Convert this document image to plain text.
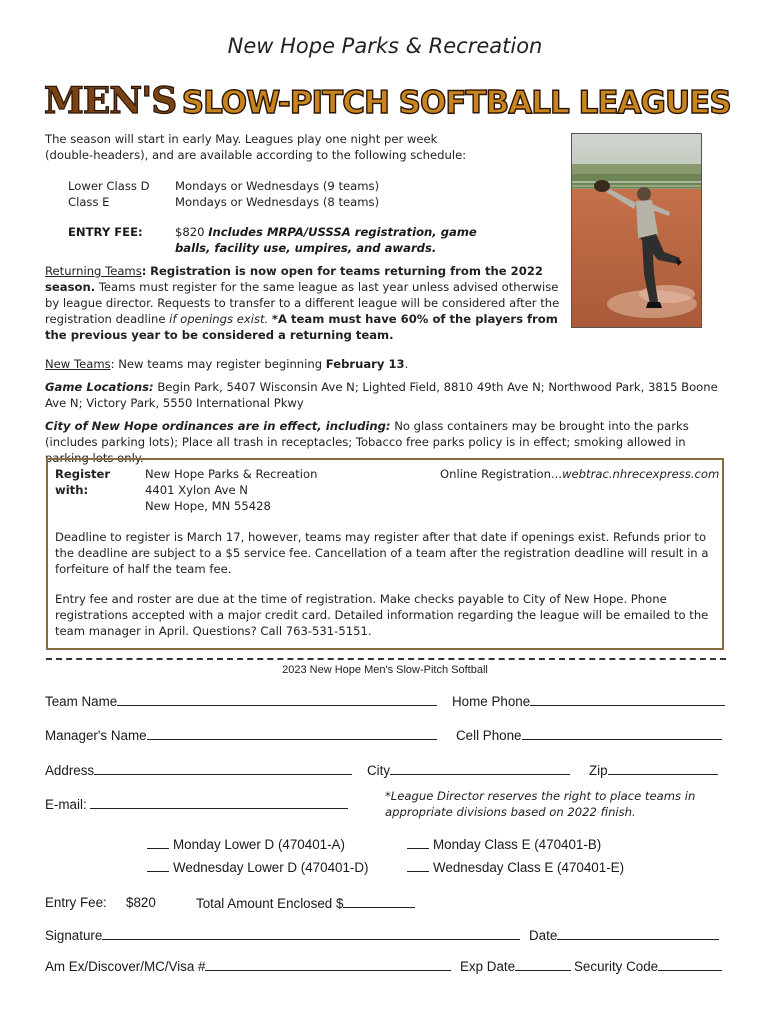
New Hope Parks & Recreation
MEN'S SLOW-PITCH SOFTBALL LEAGUES
The season will start in early May. Leagues play one night per week
(double-headers), and are available according to the following schedule:
Lower Class D	Mondays or Wednesdays (9 teams)
Class E	Mondays or Wednesdays (8 teams)
ENTRY FEE:	$820 Includes MRPA/USSSA registration, game balls, facility use, umpires, and awards.
Returning Teams: Registration is now open for teams returning from the 2022 season. Teams must register for the same league as last year unless advised otherwise by league director. Requests to transfer to a different league will be considered after the registration deadline if openings exist. *A team must have 60% of the players from the previous year to be considered a returning team.
New Teams: New teams may register beginning February 13.
Game Locations: Begin Park, 5407 Wisconsin Ave N; Lighted Field, 8810 49th Ave N; Northwood Park, 3815 Boone Ave N; Victory Park, 5550 International Pkwy
City of New Hope ordinances are in effect, including: No glass containers may be brought into the parks (includes parking lots); Place all trash in receptacles; Tobacco free parks policy is in effect; smoking allowed in parking lots only.
Register with:
New Hope Parks & Recreation
4401 Xylon Ave N
New Hope, MN 55428
Online Registration...webtrac.nhrecexpress.com
Deadline to register is March 17, however, teams may register after that date if openings exist. Refunds prior to the deadline are subject to a $5 service fee. Cancellation of a team after the registration deadline will result in a forfeiture of half the team fee.
Entry fee and roster are due at the time of registration. Make checks payable to City of New Hope. Phone registrations accepted with a major credit card. Detailed information regarding the league will be emailed to the team manager in April. Questions? Call 763-531-5151.
2023 New Hope Men's Slow-Pitch Softball
Team Name	Home Phone
Manager's Name	Cell Phone
Address	City	Zip
E-mail:
*League Director reserves the right to place teams in appropriate divisions based on 2022 finish.
Monday Lower D (470401-A)	Monday Class E (470401-B)
Wednesday Lower D (470401-D)	Wednesday Class E (470401-E)
Entry Fee: $820	Total Amount Enclosed $
Signature	Date
Am Ex/Discover/MC/Visa #	Exp Date	Security Code
